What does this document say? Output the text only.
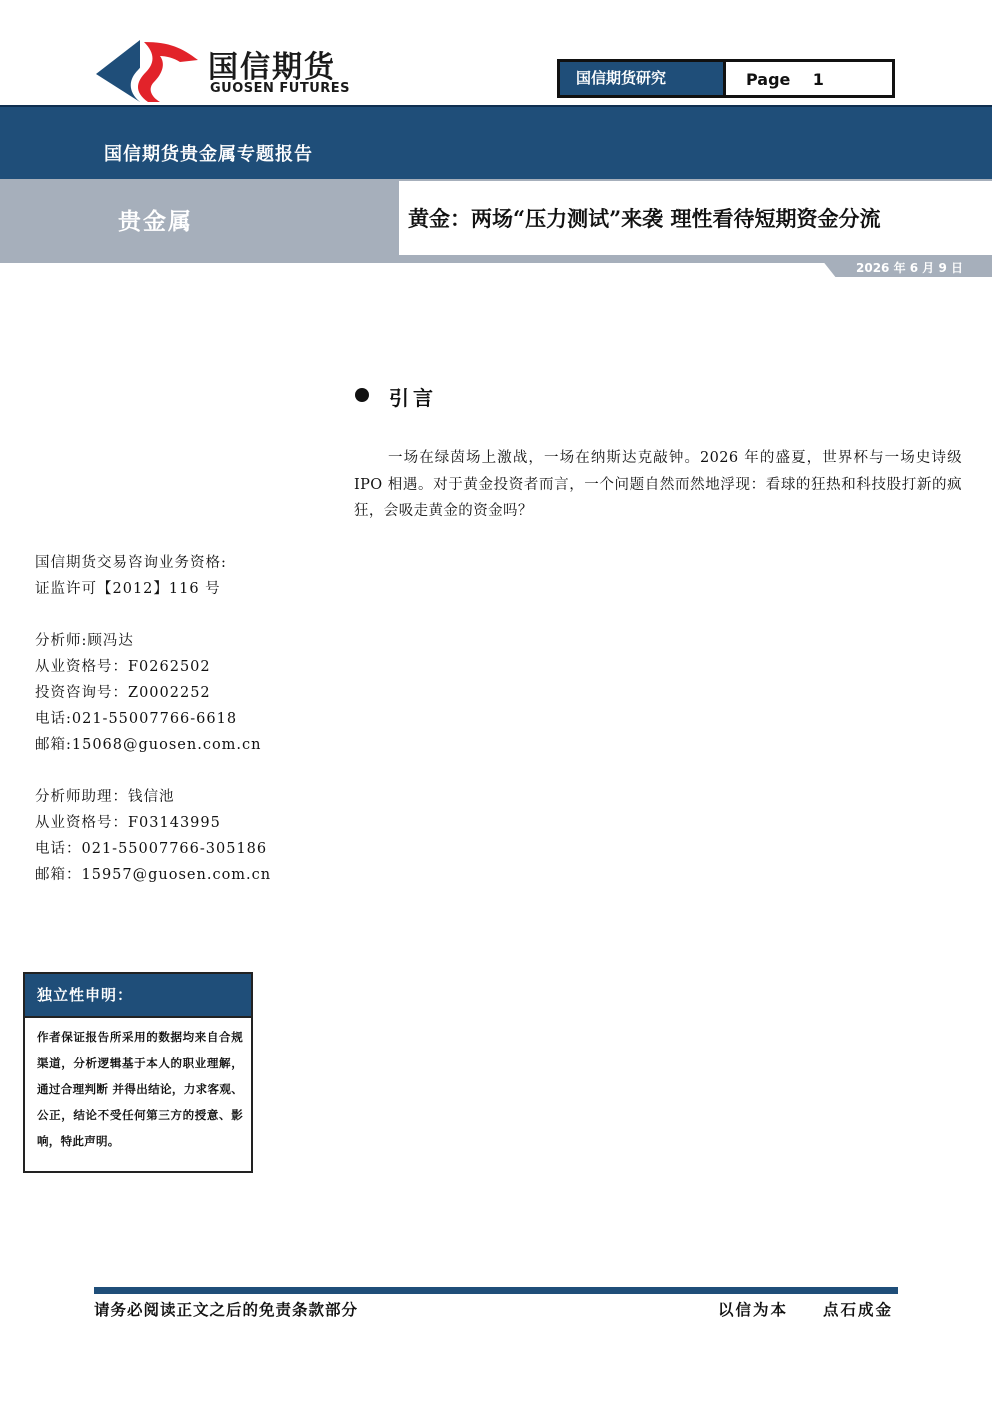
国信期货
GUOSEN FUTURES
国信期货研究	Page 1
国信期货贵金属专题报告
贵金属	黄金：两场“压力测试”来袭 理性看待短期资金分流
2026 年 6 月 9 日
引言

一场在绿茵场上激战，一场在纳斯达克敲钟。2026 年的盛夏，世界杯与一场史诗级 IPO 相遇。对于黄金投资者而言，一个问题自然而然地浮现：看球的狂热和科技股打新的疯狂，会吸走黄金的资金吗？

国信期货交易咨询业务资格:
证监许可【2012】116 号
分析师:顾冯达
从业资格号：F0262502
投资咨询号：Z0002252
电话:021-55007766-6618
邮箱:15068@guosen.com.cn
分析师助理：钱信池
从业资格号：F03143995
电话：021-55007766-305186
邮箱：15957@guosen.com.cn
独立性申明：

作者保证报告所采用的数据均来自合规渠道，分析逻辑基于本人的职业理解，通过合理判断 并得出结论，力求客观、公正，结论不受任何第三方的授意、影响，特此声明。

请务必阅读正文之后的免责条款部分	以信为本 点石成金
